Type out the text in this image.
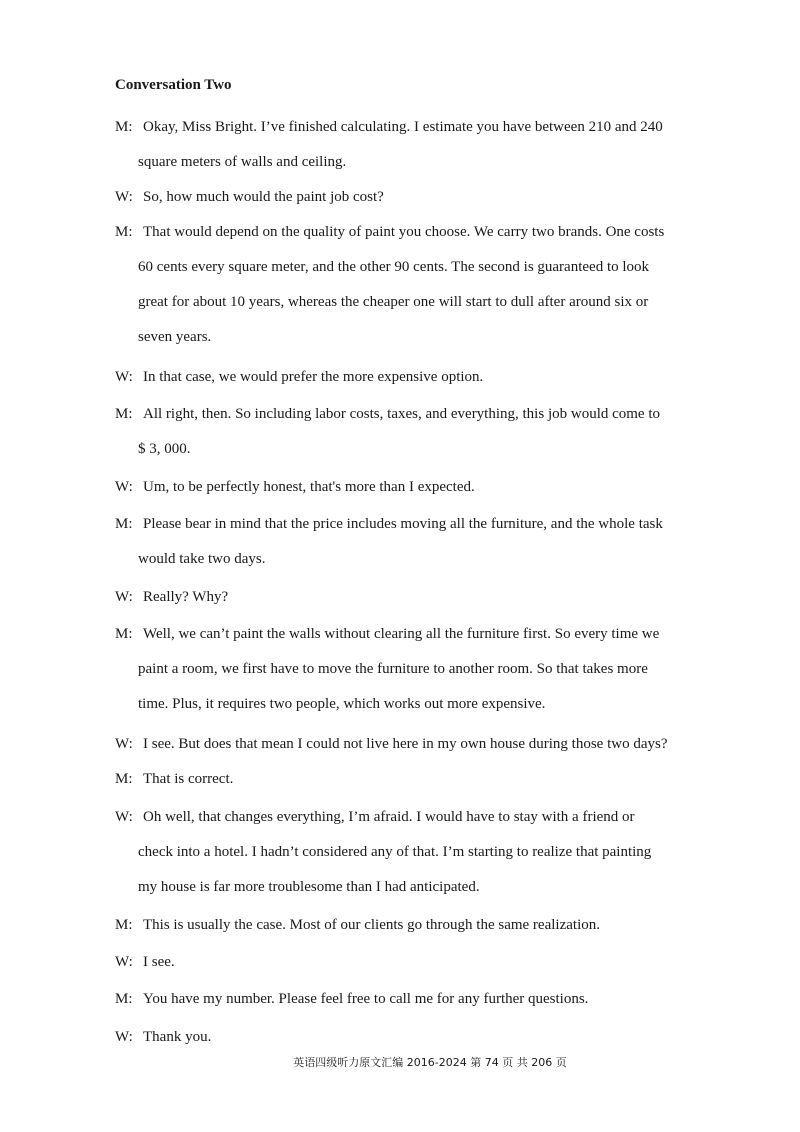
Conversation Two
M: Okay, Miss Bright. I’ve finished calculating. I estimate you have between 210 and 240
square meters of walls and ceiling.
W: So, how much would the paint job cost?
M: That would depend on the quality of paint you choose. We carry two brands. One costs
60 cents every square meter, and the other 90 cents. The second is guaranteed to look
great for about 10 years, whereas the cheaper one will start to dull after around six or
seven years.
W: In that case, we would prefer the more expensive option.
M: All right, then. So including labor costs, taxes, and everything, this job would come to
$ 3, 000.
W: Um, to be perfectly honest, that's more than I expected.
M: Please bear in mind that the price includes moving all the furniture, and the whole task
would take two days.
W: Really? Why?
M: Well, we can’t paint the walls without clearing all the furniture first. So every time we
paint a room, we first have to move the furniture to another room. So that takes more
time. Plus, it requires two people, which works out more expensive.
W: I see. But does that mean I could not live here in my own house during those two days?
M: That is correct.
W: Oh well, that changes everything, I’m afraid. I would have to stay with a friend or
check into a hotel. I hadn’t considered any of that. I’m starting to realize that painting
my house is far more troublesome than I had anticipated.
M: This is usually the case. Most of our clients go through the same realization.
W: I see.
M: You have my number. Please feel free to call me for any further questions.
W: Thank you.
英语四级听力原文汇编 2016-2024 第 74 页 共 206 页
